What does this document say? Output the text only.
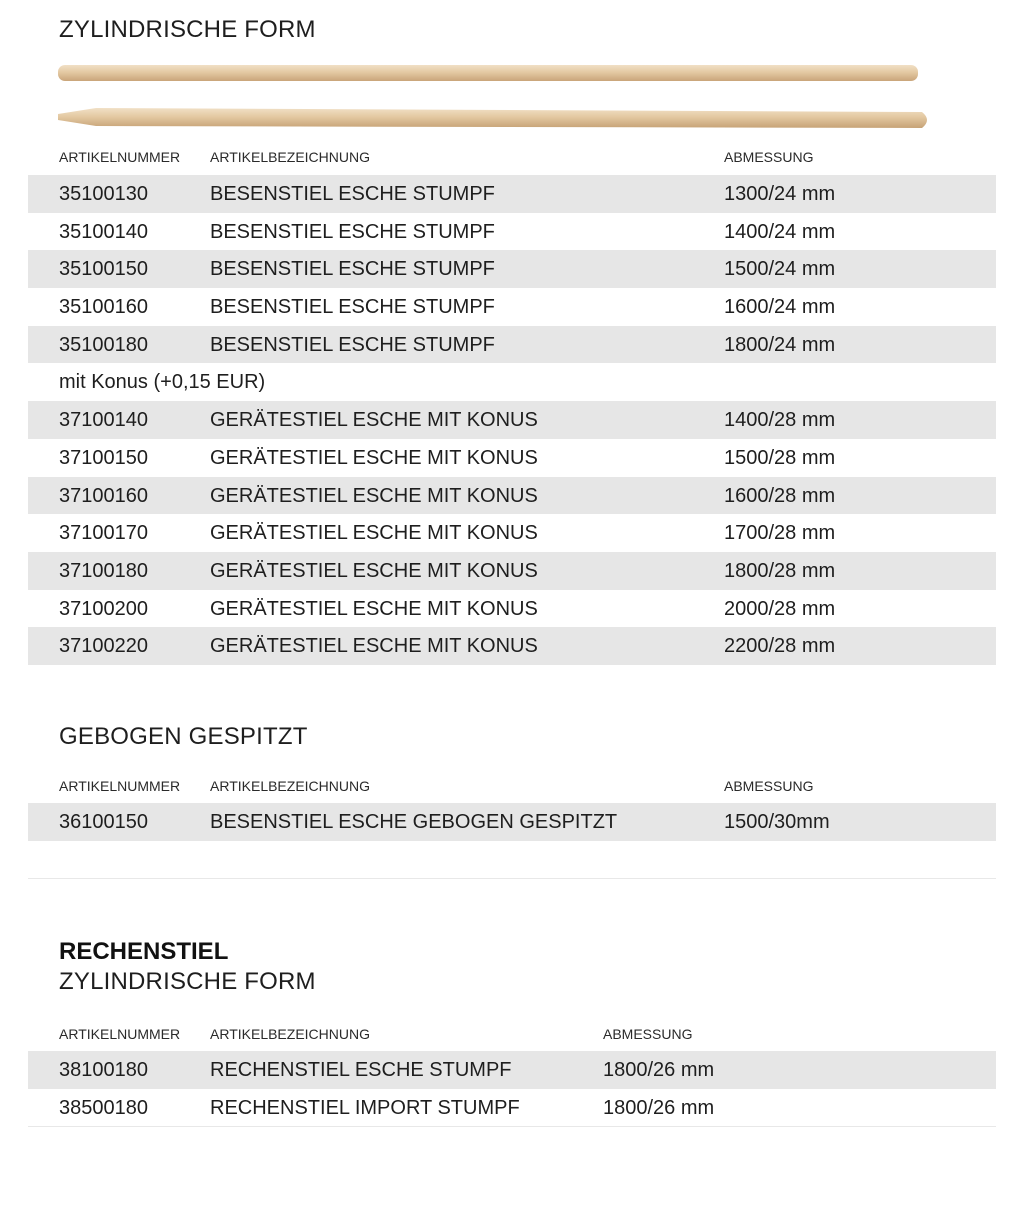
ZYLINDRISCHE FORM
ARTIKELNUMMER ARTIKELBEZEICHNUNG	ABMESSUNG
35100130	BESENSTIEL ESCHE STUMPF	1300/24 mm
35100140	BESENSTIEL ESCHE STUMPF	1400/24 mm
35100150	BESENSTIEL ESCHE STUMPF	1500/24 mm
35100160	BESENSTIEL ESCHE STUMPF	1600/24 mm
35100180	BESENSTIEL ESCHE STUMPF	1800/24 mm
mit Konus (+0,15 EUR)
37100140	GERÄTESTIEL ESCHE MIT KONUS	1400/28 mm
37100150	GERÄTESTIEL ESCHE MIT KONUS	1500/28 mm
37100160	GERÄTESTIEL ESCHE MIT KONUS	1600/28 mm
37100170	GERÄTESTIEL ESCHE MIT KONUS	1700/28 mm
37100180	GERÄTESTIEL ESCHE MIT KONUS	1800/28 mm
37100200	GERÄTESTIEL ESCHE MIT KONUS	2000/28 mm
37100220	GERÄTESTIEL ESCHE MIT KONUS	2200/28 mm
GEBOGEN GESPITZT
ARTIKELNUMMER ARTIKELBEZEICHNUNG	ABMESSUNG
36100150	BESENSTIEL ESCHE GEBOGEN GESPITZT	1500/30mm
RECHENSTIEL
ZYLINDRISCHE FORM
ARTIKELNUMMER ARTIKELBEZEICHNUNG	ABMESSUNG
38100180	RECHENSTIEL ESCHE STUMPF	1800/26 mm
38500180	RECHENSTIEL IMPORT STUMPF	1800/26 mm
